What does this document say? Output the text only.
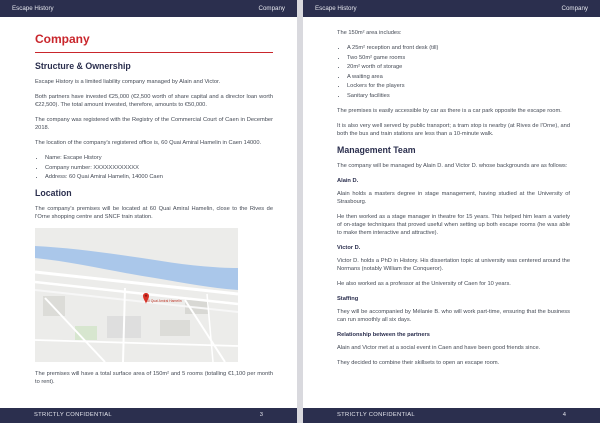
Escape History	Company
Company
Structure & Ownership

Escape History is a limited liability company managed by Alain and Victor.

Both partners have invested €25,000 (€2,500 worth of share capital and a director loan worth €22,500). The total amount invested, therefore, amounts to €50,000.

The company was registered with the Registry of the Commercial Court of Caen in December 2018.

The location of the company's registered office is, 60 Quai Amiral Hamelin in Caen 14000.

• Name: Escape History
• Company number: XXXXXXXXXXXX
• Address: 60 Quai Amiral Hamelin, 14000 Caen
Location

The company's premises will be located at 60 Quai Amiral Hamelin, close to the Rives de l'Orne shopping centre and SNCF train station.

60 Quai Amiral Hamelin

The premises will have a total surface area of 150m² and 5 rooms (totalling €1,100 per month to rent).

STRICTLY CONFIDENTIAL	3
Escape History	Company

The 150m² area includes:

• A 25m² reception and front desk (till)
• Two 50m² game rooms
• 20m² worth of storage
• A waiting area
• Lockers for the players
• Sanitary facilities

The premises is easily accessible by car as there is a car park opposite the escape room.

It is also very well served by public transport; a tram stop is nearby (at Rives de l'Orne), and both the bus and train stations are less than a 10-minute walk.

Management Team

The company will be managed by Alain D. and Victor D. whose backgrounds are as follows:

Alain D.

Alain holds a masters degree in stage management, having studied at the University of Strasbourg.

He then worked as a stage manager in theatre for 15 years. This helped him learn a variety of on-stage techniques that proved useful when setting up both escape rooms (he was able to make them interactive and attractive).

Victor D.

Victor D. holds a PhD in History. His dissertation topic at university was centered around the Normans (notably William the Conqueror).

He also worked as a professor at the University of Caen for 10 years.

Staffing

They will be accompanied by Mélanie B. who will work part-time, ensuring that the business can run smoothly all six days.

Relationship between the partners

Alain and Victor met at a social event in Caen and have been good friends since.

They decided to combine their skillsets to open an escape room.

STRICTLY CONFIDENTIAL	4
